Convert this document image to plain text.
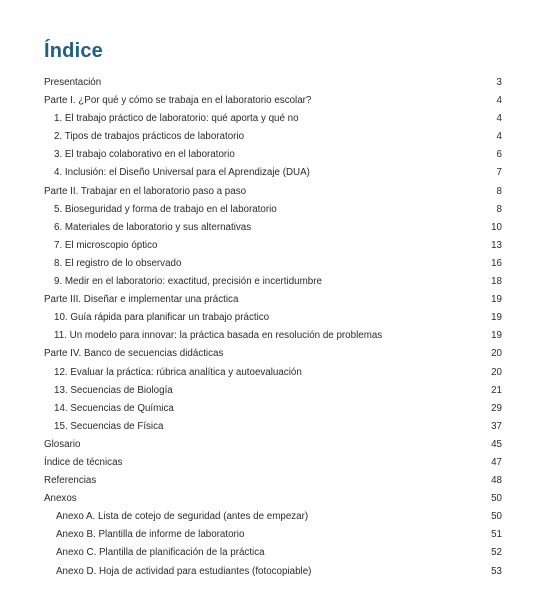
Índice
Presentación	3
Parte I. ¿Por qué y cómo se trabaja en el laboratorio escolar?	4
1. El trabajo práctico de laboratorio: qué aporta y qué no	4
2. Tipos de trabajos prácticos de laboratorio	4
3. El trabajo colaborativo en el laboratorio	6
4. Inclusión: el Diseño Universal para el Aprendizaje (DUA)	7
Parte II. Trabajar en el laboratorio paso a paso	8
5. Bioseguridad y forma de trabajo en el laboratorio	8
6. Materiales de laboratorio y sus alternativas	10
7. El microscopio óptico	13
8. El registro de lo observado	16
9. Medir en el laboratorio: exactitud, precisión e incertidumbre	18
Parte III. Diseñar e implementar una práctica	19
10. Guía rápida para planificar un trabajo práctico	19
11. Un modelo para innovar: la práctica basada en resolución de problemas	19
Parte IV. Banco de secuencias didácticas	20
12. Evaluar la práctica: rúbrica analítica y autoevaluación	20
13. Secuencias de Biología	21
14. Secuencias de Química	29
15. Secuencias de Física	37
Glosario	45
Índice de técnicas	47
Referencias	48
Anexos	50
Anexo A. Lista de cotejo de seguridad (antes de empezar)	50
Anexo B. Plantilla de informe de laboratorio	51
Anexo C. Plantilla de planificación de la práctica	52
Anexo D. Hoja de actividad para estudiantes (fotocopiable)	53
